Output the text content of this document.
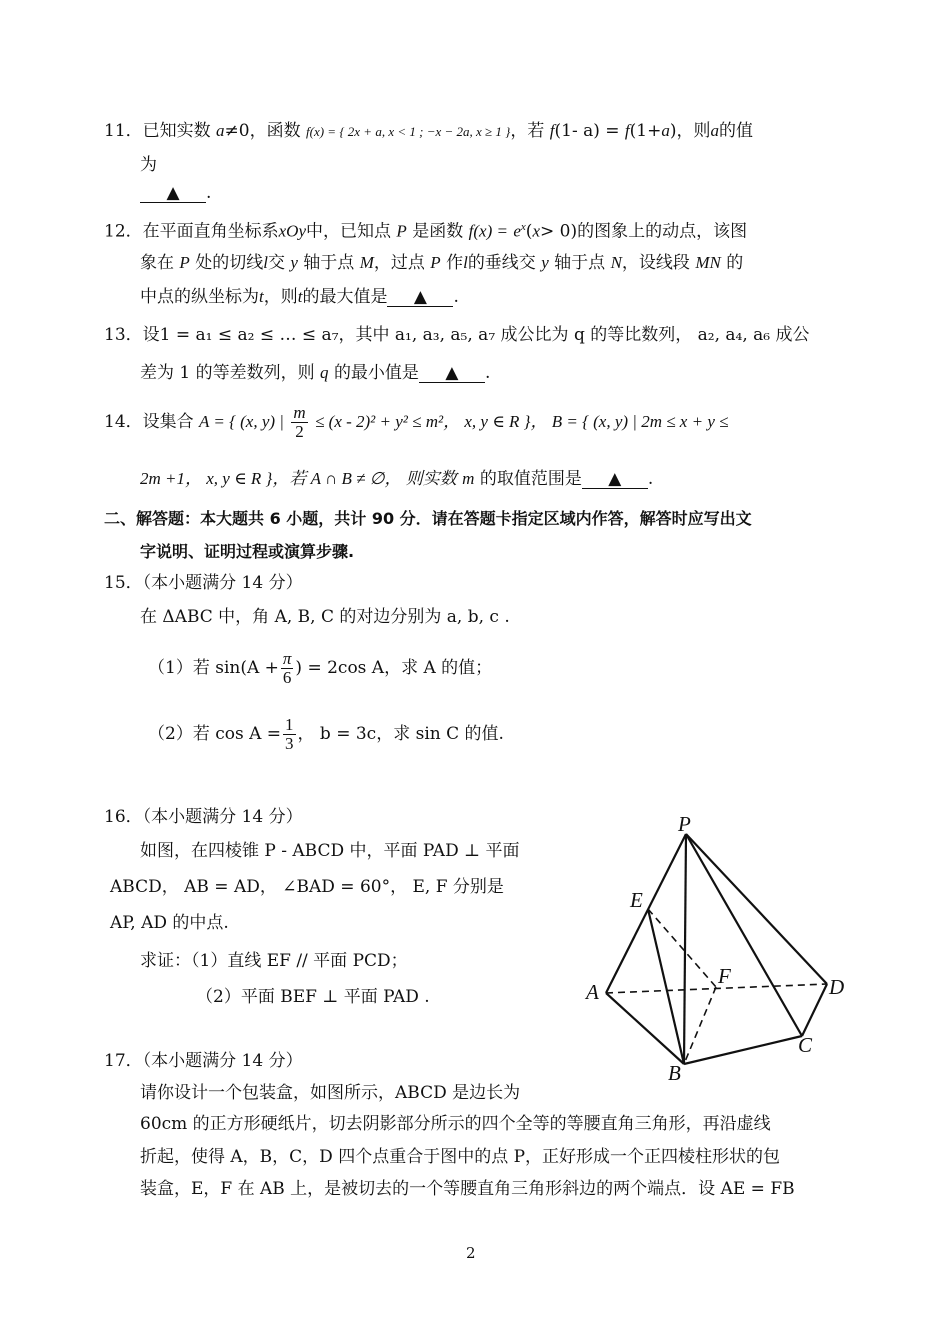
11．已知实数 a≠0，函数 f(x) = { 2x + a, x < 1 ; −x − 2a, x ≥ 1 }，若 f(1- a) = f(1+a)，则a的值
为
▲ .
12．在平面直角坐标系xOy中，已知点 P 是函数 $f(x) = e^x(x> 0)$的图象上的动点，该图
象在 P 处的切线l交 y 轴于点 M，过点 P 作l的垂线交 y 轴于点 N，设线段 MN 的
中点的纵坐标为t，则t的最大值是 ▲ .
13．设1 = a₁ ≤ a₂ ≤ … ≤ a₇，其中 a₁, a₃, a₅, a₇ 成公比为 q 的等比数列， a₂, a₄, a₆ 成公
差为 1 的等差数列，则 q 的最小值是 ▲ .
14．设集合 A = { (x, y) | $\frac{m}{2} \le (x - 2)^2 + y^2 \le m^2$， x, y ∈ R }， B = { (x, y) | 2m ≤ x + y ≤
2m +1， x, y ∈ R }，若 A ∩ B ≠ ∅， 则实数 m 的取值范围是 ▲ .
二、解答题：本大题共 6 小题，共计 90 分．请在答题卡指定区域内作答，解答时应写出文
字说明、证明过程或演算步骤.
15．（本小题满分 14 分）
在 ΔABC 中，角 A, B, C 的对边分别为 a, b, c .
（1）若 $\sin(A + \frac{\pi}{6}$ ) = 2cos A，求 A 的值；
（2）若 $\cos A = \frac{1}{3}$ ， b = 3c，求 sin C 的值.
16．（本小题满分 14 分）
如图，在四棱锥 P - ABCD 中，平面 PAD ⊥ 平面
ABCD， AB = AD， ∠BAD = 60°， E, F 分别是
AP, AD 的中点.
求证：（1）直线 EF // 平面 PCD；
（2）平面 BEF ⊥ 平面 PAD .
P
E
A
F	D
C
B
17．（本小题满分 14 分）
请你设计一个包装盒，如图所示，ABCD 是边长为
60cm 的正方形硬纸片，切去阴影部分所示的四个全等的等腰直角三角形，再沿虚线
折起，使得 A，B，C，D 四个点重合于图中的点 P，正好形成一个正四棱柱形状的包
装盒，E，F 在 AB 上，是被切去的一个等腰直角三角形斜边的两个端点．设 AE = FB
2
